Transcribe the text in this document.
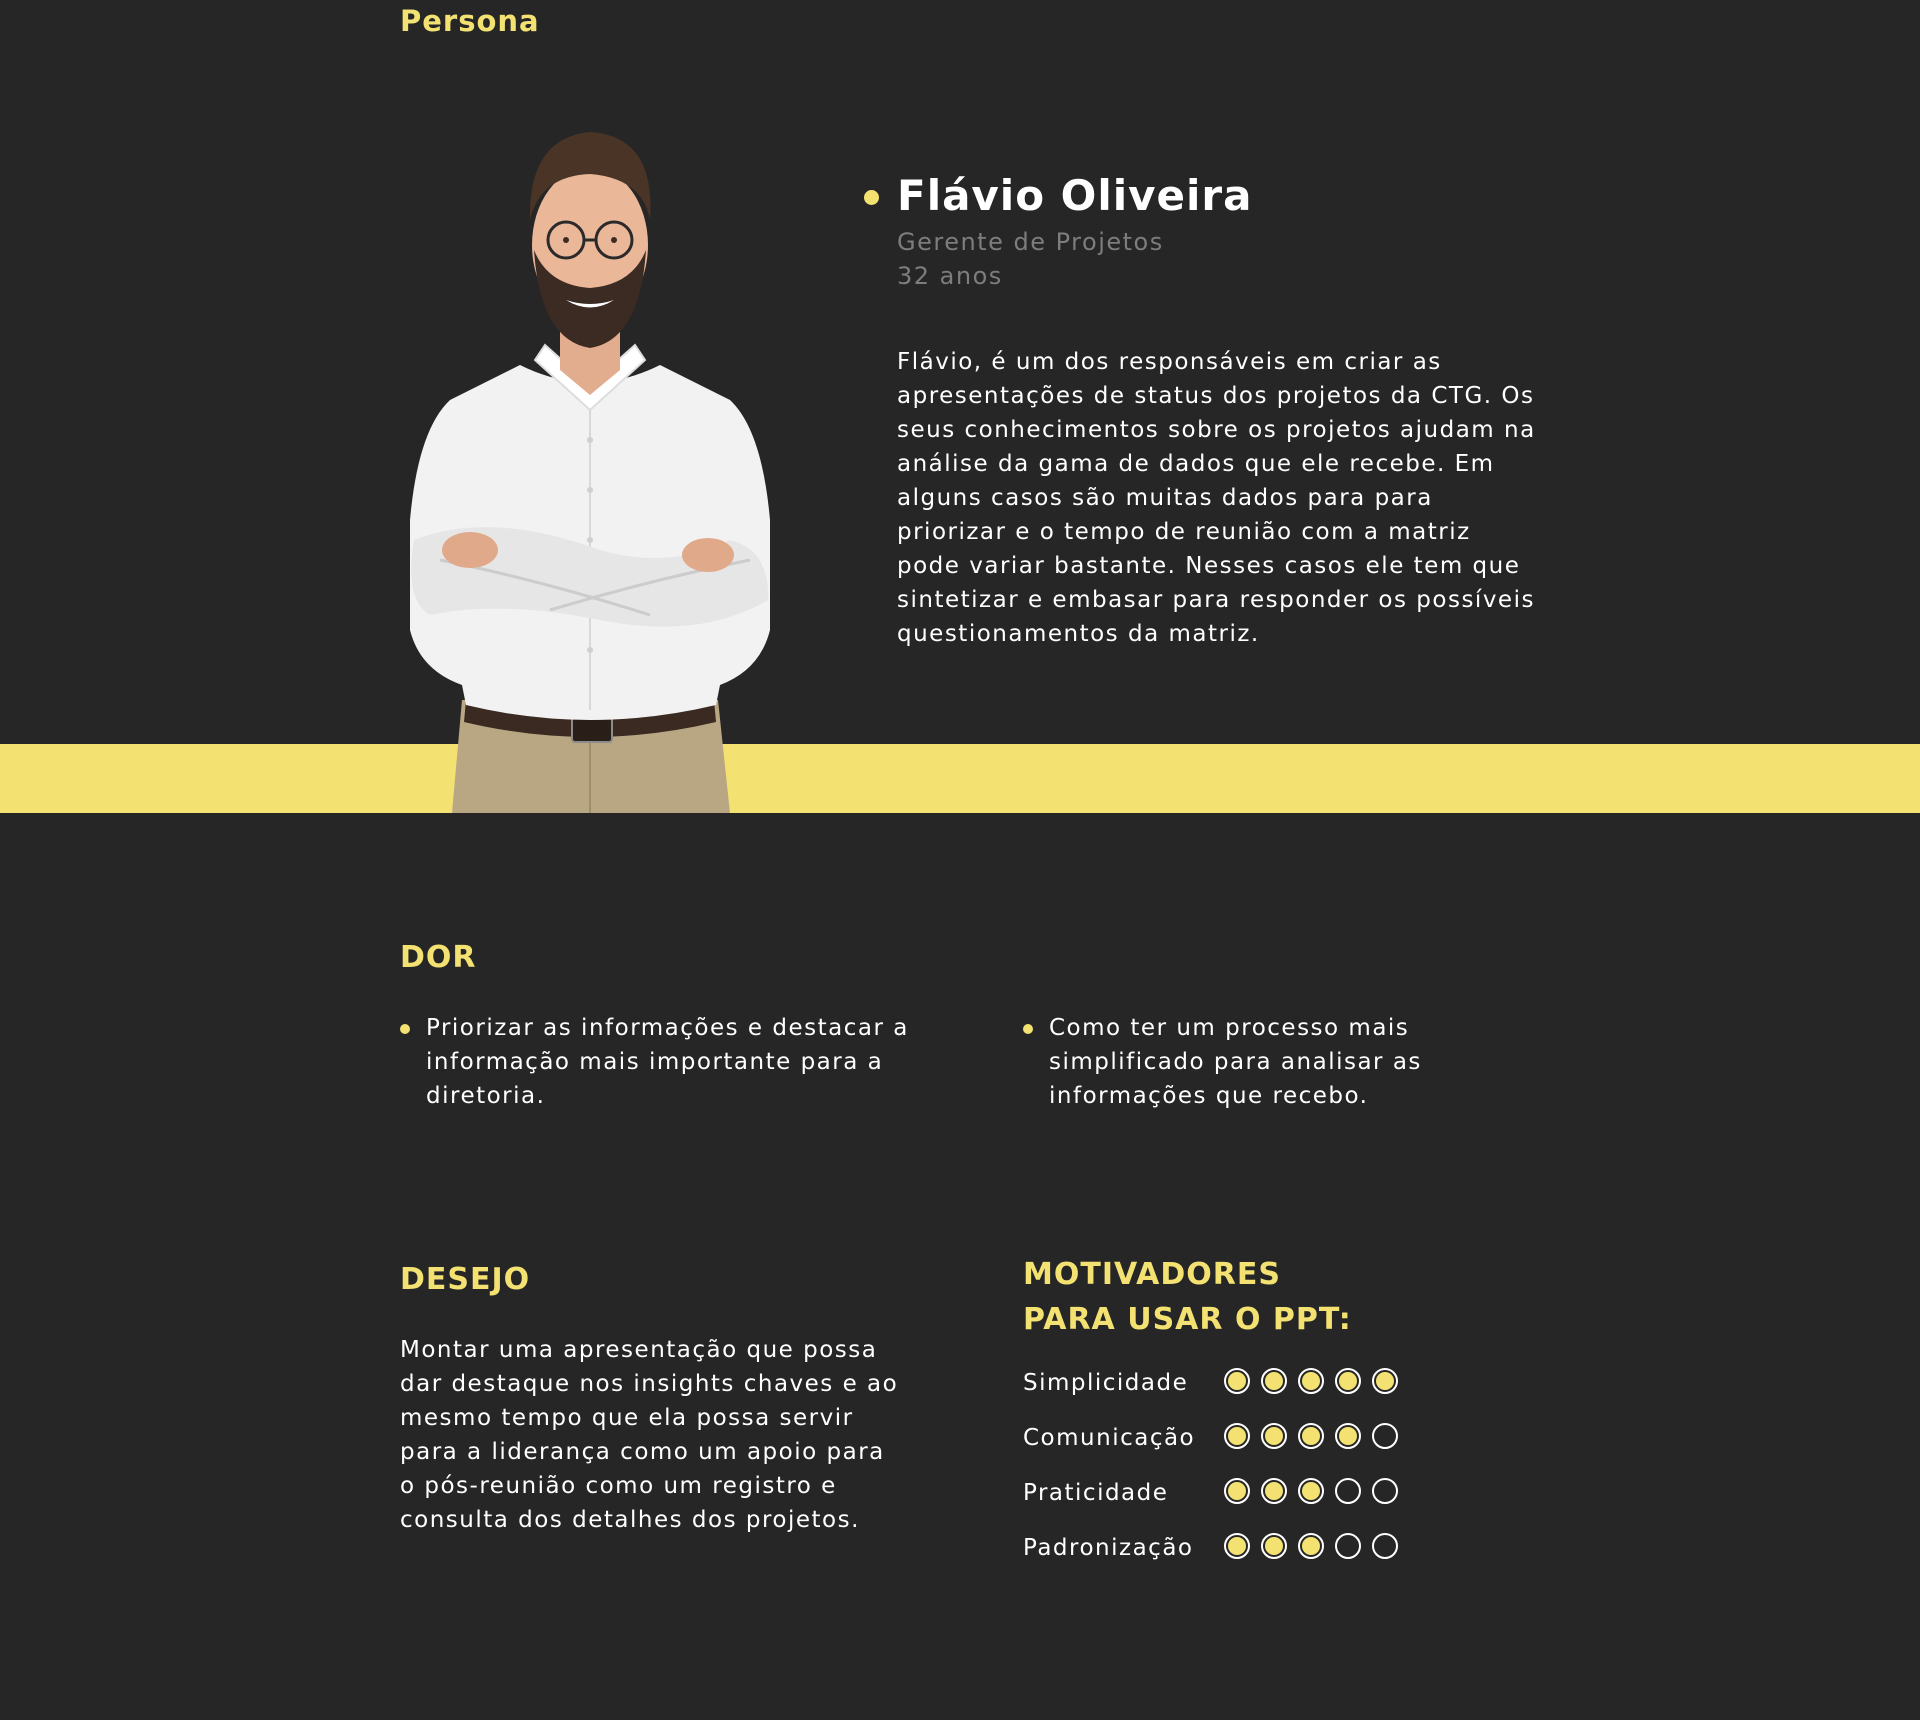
Persona
Flávio Oliveira
Gerente de Projetos
32 anos
Flávio, é um dos responsáveis em criar as apresentações de status dos projetos da CTG. Os seus conhecimentos sobre os projetos ajudam na análise da gama de dados que ele recebe. Em alguns casos são muitas dados para para priorizar e o tempo de reunião com a matriz pode variar bastante. Nesses casos ele tem que sintetizar e embasar para responder os possíveis questionamentos da matriz.
DOR
Priorizar as informações e destacar a informação mais importante para a diretoria.
Como ter um processo mais simplificado para analisar as informações que recebo.
DESEJO
Montar uma apresentação que possa dar destaque nos insights chaves e ao mesmo tempo que ela possa servir para a liderança como um apoio para o pós-reunião como um registro e consulta dos detalhes dos projetos.
MOTIVADORES
PARA USAR O PPT:
Simplicidade
Comunicação
Praticidade
Padronização
